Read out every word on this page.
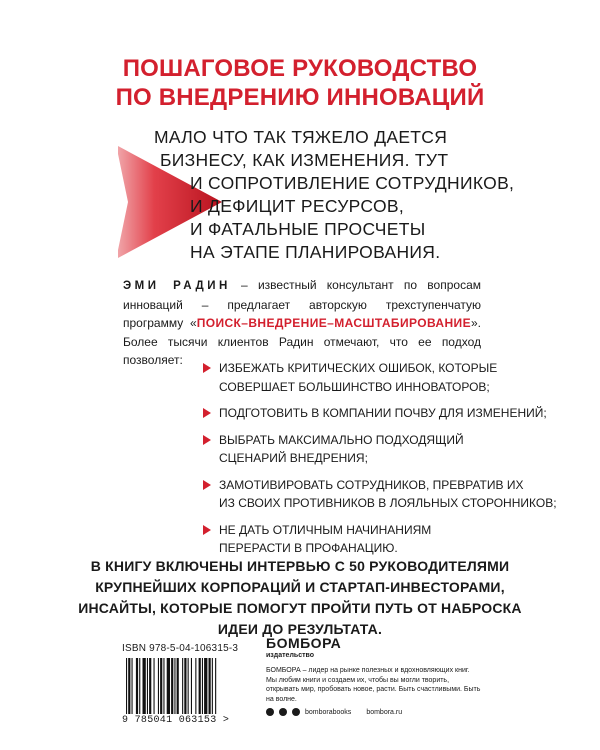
ПОШАГОВОЕ РУКОВОДСТВО
ПО ВНЕДРЕНИЮ ИННОВАЦИЙ
МАЛО ЧТО ТАК ТЯЖЕЛО ДАЕТСЯ
БИЗНЕСУ, КАК ИЗМЕНЕНИЯ. ТУТ
И СОПРОТИВЛЕНИЕ СОТРУДНИКОВ,
И ДЕФИЦИТ РЕСУРСОВ,
И ФАТАЛЬНЫЕ ПРОСЧЕТЫ
НА ЭТАПЕ ПЛАНИРОВАНИЯ.
ЭМИ РАДИН – известный консультант по вопросам инноваций – предлагает авторскую трехступенчатую программу «ПОИСК–ВНЕДРЕНИЕ–МАСШТАБИРОВАНИЕ». Более тысячи клиентов Радин отмечают, что ее подход позволяет:
ИЗБЕЖАТЬ КРИТИЧЕСКИХ ОШИБОК, КОТОРЫЕ
СОВЕРШАЕТ БОЛЬШИНСТВО ИННОВАТОРОВ;
ПОДГОТОВИТЬ В КОМПАНИИ ПОЧВУ ДЛЯ ИЗМЕНЕНИЙ;
ВЫБРАТЬ МАКСИМАЛЬНО ПОДХОДЯЩИЙ
СЦЕНАРИЙ ВНЕДРЕНИЯ;
ЗАМОТИВИРОВАТЬ СОТРУДНИКОВ, ПРЕВРАТИВ ИХ
ИЗ СВОИХ ПРОТИВНИКОВ В ЛОЯЛЬНЫХ СТОРОННИКОВ;
НЕ ДАТЬ ОТЛИЧНЫМ НАЧИНАНИЯМ
ПЕРЕРАСТИ В ПРОФАНАЦИЮ.
В КНИГУ ВКЛЮЧЕНЫ ИНТЕРВЬЮ С 50 РУКОВОДИТЕЛЯМИ
КРУПНЕЙШИХ КОРПОРАЦИЙ И СТАРТАП-ИНВЕСТОРАМИ,
ИНСАЙТЫ, КОТОРЫЕ ПОМОГУТ ПРОЙТИ ПУТЬ ОТ НАБРОСКА
ИДЕИ ДО РЕЗУЛЬТАТА.
ISBN 978-5-04-106315-3
9 785041 063153 >
БОМБОРА
издательство
БОМБОРА – лидер на рынке полезных и вдохновляющих книг. Мы любим книги и создаем их, чтобы вы могли творить, открывать мир, пробовать новое, расти. Быть счастливыми. Быть на волне.
bomborabooks bombora.ru
